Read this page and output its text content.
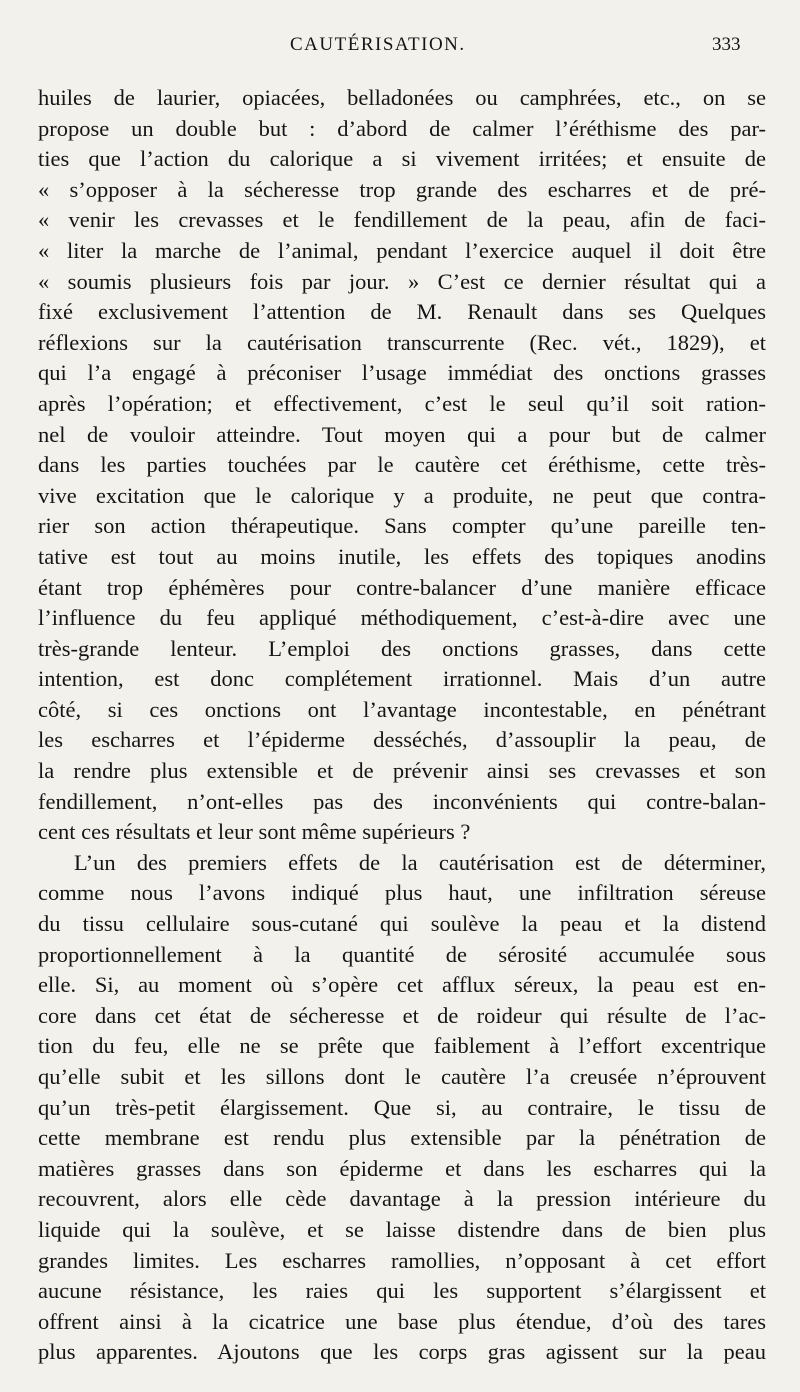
CAUTÉRISATION.	333
huiles de laurier, opiacées, belladonées ou camphrées, etc., on se
propose un double but : d’abord de calmer l’éréthisme des par-
ties que l’action du calorique a si vivement irritées; et ensuite de
« s’opposer à la sécheresse trop grande des escharres et de pré-
« venir les crevasses et le fendillement de la peau, afin de faci-
« liter la marche de l’animal, pendant l’exercice auquel il doit être
« soumis plusieurs fois par jour. » C’est ce dernier résultat qui a
fixé exclusivement l’attention de M. Renault dans ses Quelques
réflexions sur la cautérisation transcurrente (Rec. vét., 1829), et
qui l’a engagé à préconiser l’usage immédiat des onctions grasses
après l’opération; et effectivement, c’est le seul qu’il soit ration-
nel de vouloir atteindre. Tout moyen qui a pour but de calmer
dans les parties touchées par le cautère cet éréthisme, cette très-
vive excitation que le calorique y a produite, ne peut que contra-
rier son action thérapeutique. Sans compter qu’une pareille ten-
tative est tout au moins inutile, les effets des topiques anodins
étant trop éphémères pour contre-balancer d’une manière efficace
l’influence du feu appliqué méthodiquement, c’est-à-dire avec une
très-grande lenteur. L’emploi des onctions grasses, dans cette
intention, est donc complétement irrationnel. Mais d’un autre
côté, si ces onctions ont l’avantage incontestable, en pénétrant
les escharres et l’épiderme desséchés, d’assouplir la peau, de
la rendre plus extensible et de prévenir ainsi ses crevasses et son
fendillement, n’ont-elles pas des inconvénients qui contre-balan-
cent ces résultats et leur sont même supérieurs ?
L’un des premiers effets de la cautérisation est de déterminer,
comme nous l’avons indiqué plus haut, une infiltration séreuse
du tissu cellulaire sous-cutané qui soulève la peau et la distend
proportionnellement à la quantité de sérosité accumulée sous
elle. Si, au moment où s’opère cet afflux séreux, la peau est en-
core dans cet état de sécheresse et de roideur qui résulte de l’ac-
tion du feu, elle ne se prête que faiblement à l’effort excentrique
qu’elle subit et les sillons dont le cautère l’a creusée n’éprouvent
qu’un très-petit élargissement. Que si, au contraire, le tissu de
cette membrane est rendu plus extensible par la pénétration de
matières grasses dans son épiderme et dans les escharres qui la
recouvrent, alors elle cède davantage à la pression intérieure du
liquide qui la soulève, et se laisse distendre dans de bien plus
grandes limites. Les escharres ramollies, n’opposant à cet effort
aucune résistance, les raies qui les supportent s’élargissent et
offrent ainsi à la cicatrice une base plus étendue, d’où des tares
plus apparentes. Ajoutons que les corps gras agissent sur la peau
